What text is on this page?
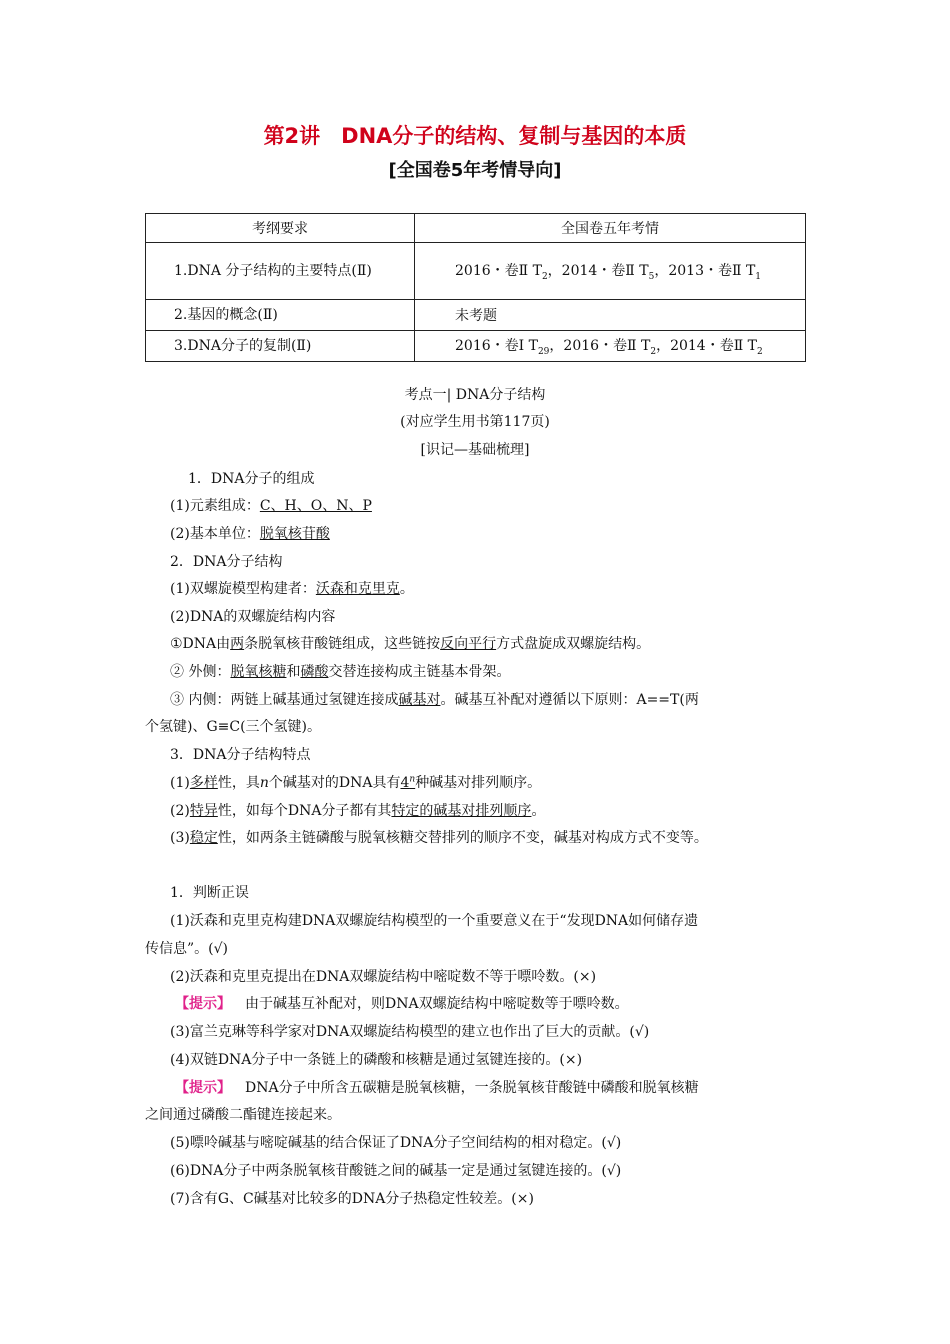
第2讲　DNA分子的结构、复制与基因的本质
[全国卷5年考情导向]
考纲要求	全国卷五年考情
1.DNA 分子结构的主要特点(Ⅱ)	2016・卷Ⅱ $T_2$，2014・卷Ⅱ $T_5$，2013・卷Ⅱ $T_1$
2.基因的概念(Ⅱ)	未考题
3.DNA分子的复制(Ⅱ)	2016・卷Ⅰ $T_{29}$，2016・卷Ⅱ $T_2$，2014・卷Ⅱ $T_2$
考点一| DNA分子结构
(对应学生用书第117页)
[识记—基础梳理]
1．DNA分子的组成
(1)元素组成：C、H、O、N、P
(2)基本单位：脱氧核苷酸
2．DNA分子结构
(1)双螺旋模型构建者：沃森和克里克。
(2)DNA的双螺旋结构内容
①DNA由两条脱氧核苷酸链组成，这些链按反向平行方式盘旋成双螺旋结构。
② 外侧：脱氧核糖和磷酸交替连接构成主链基本骨架。
③ 内侧：两链上碱基通过氢键连接成碱基对。碱基互补配对遵循以下原则：A==T(两
个氢键)、G≡C(三个氢键)。
3．DNA分子结构特点
(1)多样性，具n个碱基对的DNA具有4$^n$种碱基对排列顺序。
(2)特异性，如每个DNA分子都有其特定的碱基对排列顺序。
(3)稳定性，如两条主链磷酸与脱氧核糖交替排列的顺序不变，碱基对构成方式不变等。
1．判断正误
(1)沃森和克里克构建DNA双螺旋结构模型的一个重要意义在于“发现DNA如何储存遗
传信息”。(√)
(2)沃森和克里克提出在DNA双螺旋结构中嘧啶数不等于嘌呤数。(×)
【提示】 由于碱基互补配对，则DNA双螺旋结构中嘧啶数等于嘌呤数。
(3)富兰克琳等科学家对DNA双螺旋结构模型的建立也作出了巨大的贡献。(√)
(4)双链DNA分子中一条链上的磷酸和核糖是通过氢键连接的。(×)
【提示】 DNA分子中所含五碳糖是脱氧核糖，一条脱氧核苷酸链中磷酸和脱氧核糖
之间通过磷酸二酯键连接起来。
(5)嘌呤碱基与嘧啶碱基的结合保证了DNA分子空间结构的相对稳定。(√)
(6)DNA分子中两条脱氧核苷酸链之间的碱基一定是通过氢键连接的。(√)
(7)含有G、C碱基对比较多的DNA分子热稳定性较差。(×)
